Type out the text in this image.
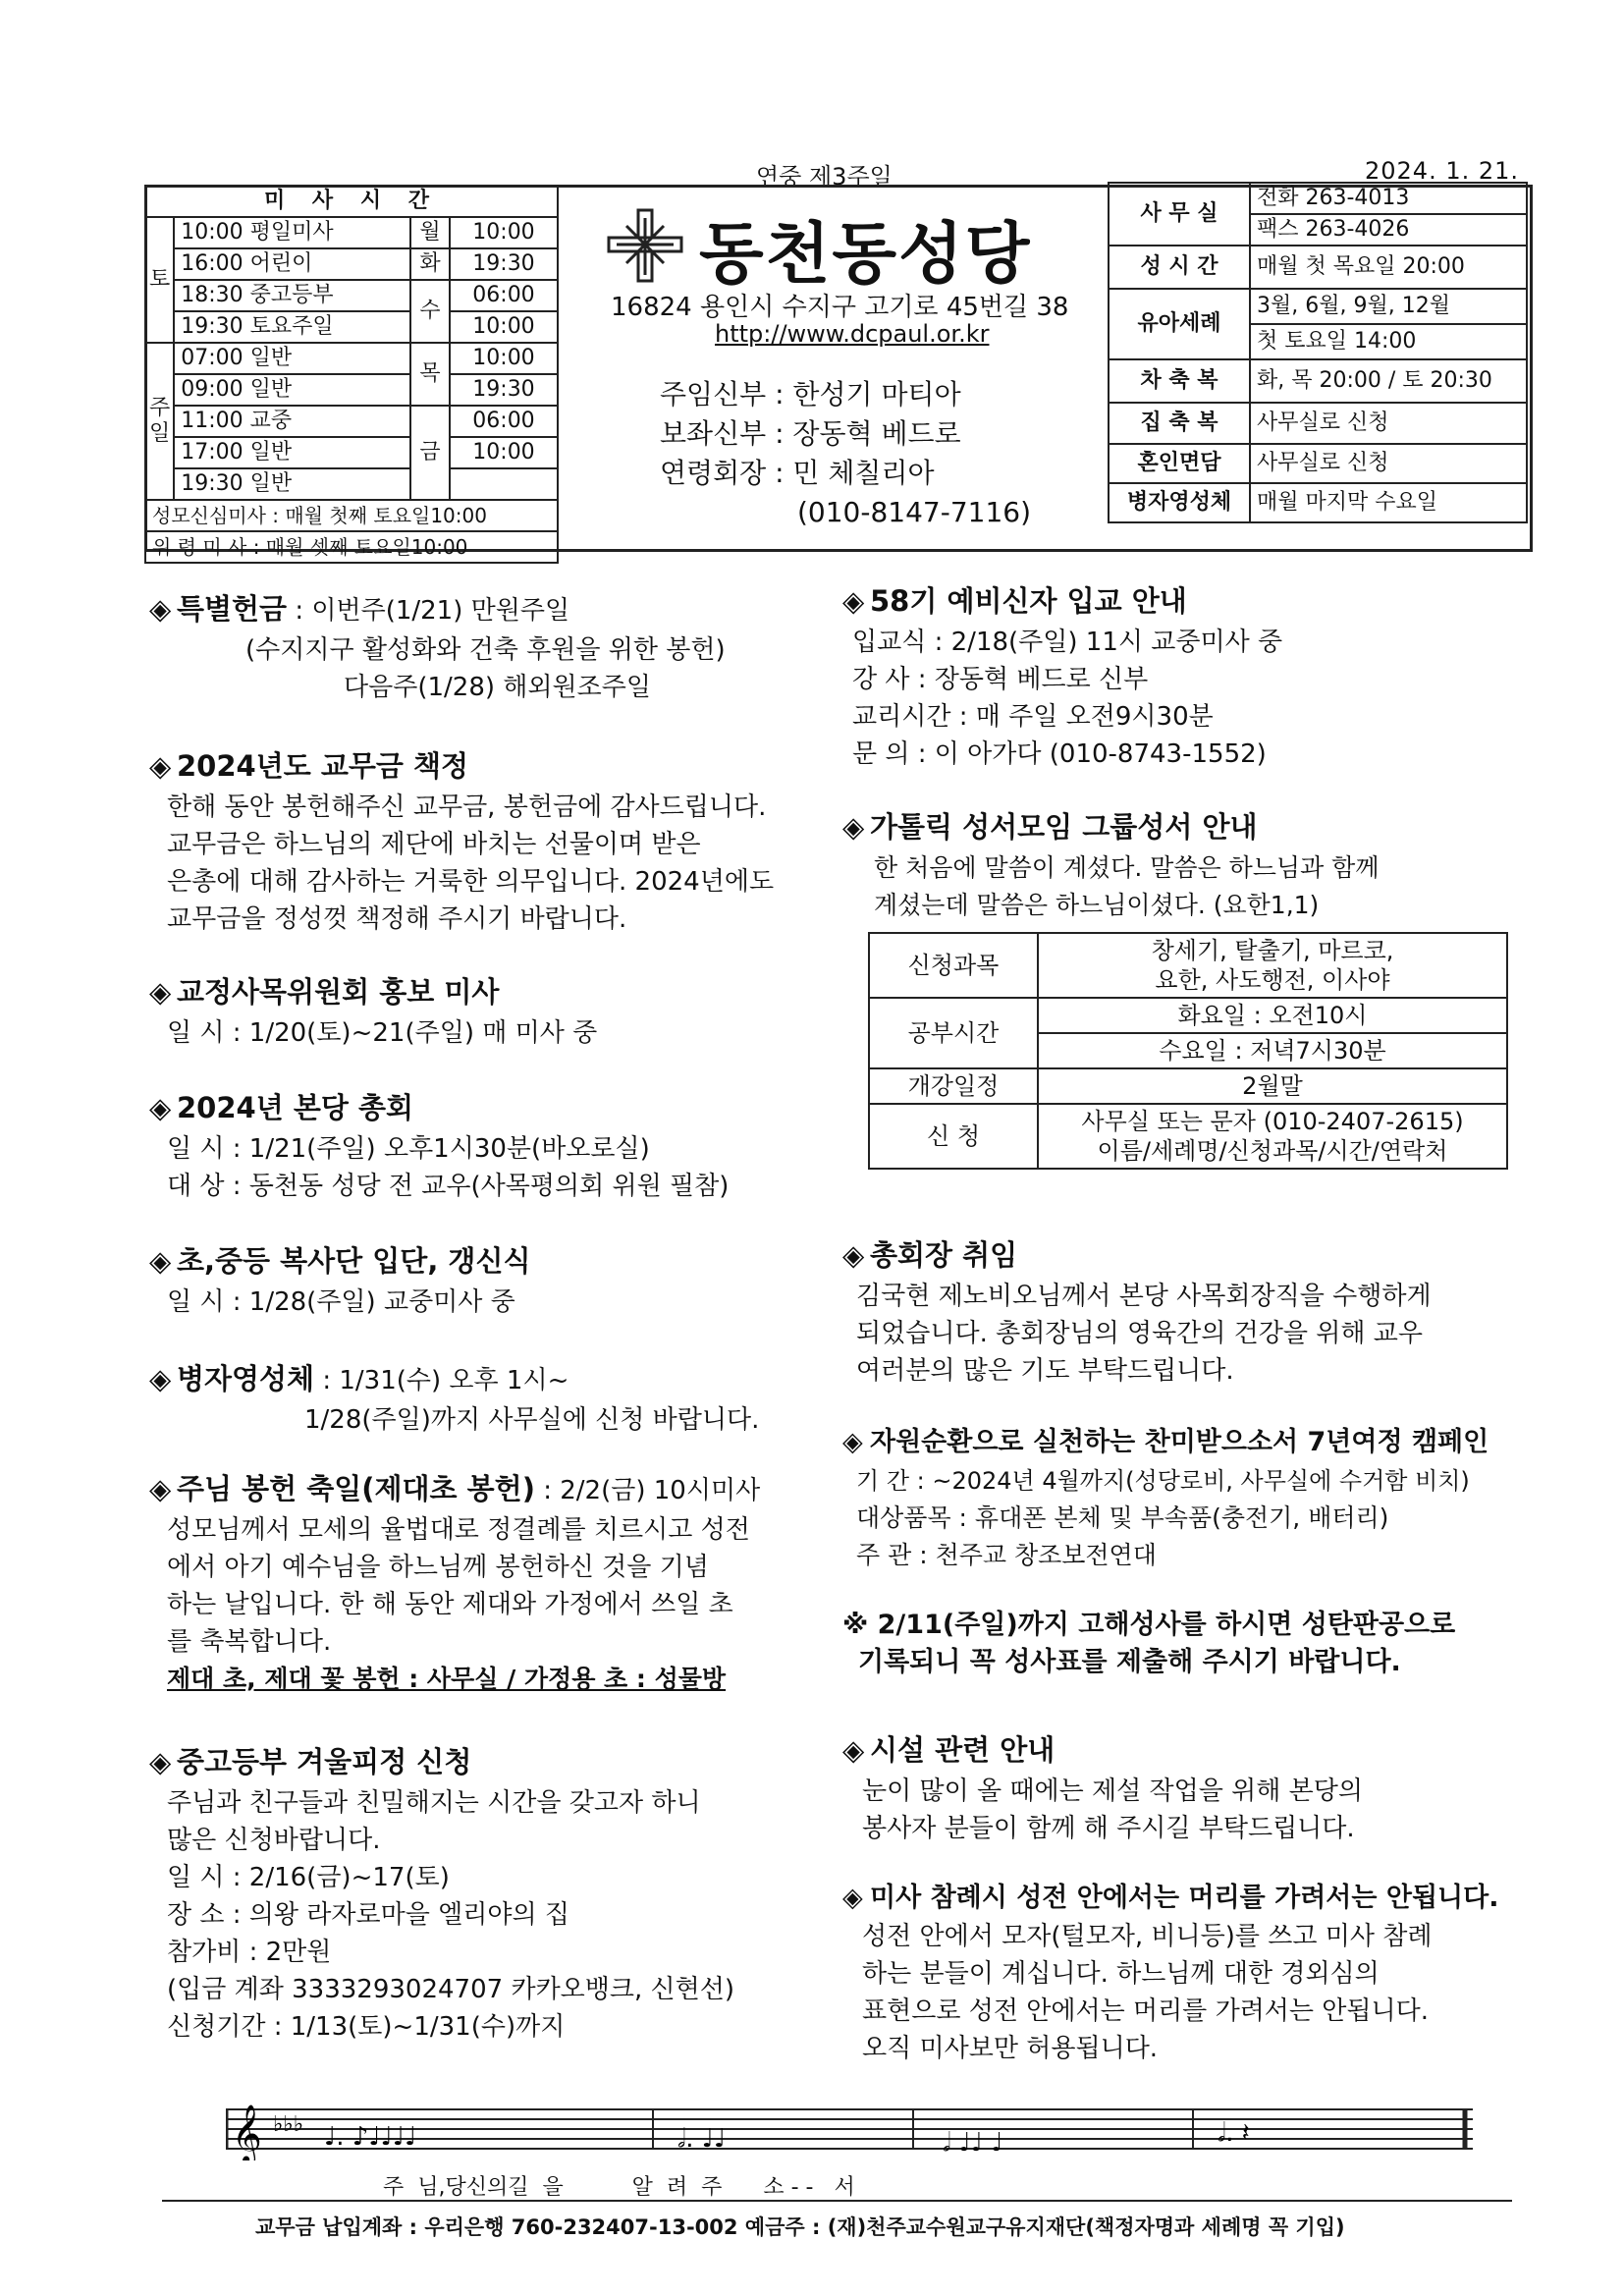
연중 제3주일	2024. 1. 21.
미 사 시 간			
토	10:00 평일미사	월	10:00
	16:00 어린이	화	19:30
	18:30 중고등부	수	06:00
	19:30 토요주일		10:00
주일	07:00 일반	목	10:00
	09:00 일반		19:30
	11:00 교중	금	06:00
	17:00 일반		10:00
	19:30 일반		
성모신심미사 : 매월 첫째 토요일10:00			
위 령 미 사 : 매월 셋째 토요일10:00			
동천동성당
16824 용인시 수지구 고기로 45번길 38
http://www.dcpaul.or.kr
주임신부 : 한성기 마티아
보좌신부 : 장동혁 베드로
연령회장 : 민 체칠리아
(010-8147-7116)
사 무 실	전화 263-4013
	팩스 263-4026
성 시 간	매월 첫 목요일 20:00
유아세례	3월, 6월, 9월, 12월
	첫 토요일 14:00
차 축 복	화, 목 20:00 / 토 20:30
집 축 복	사무실로 신청
혼인면담	사무실로 신청
병자영성체	매월 마지막 수요일
◈ 특별헌금 : 이번주(1/21) 만원주일
(수지지구 활성화와 건축 후원을 위한 봉헌)
다음주(1/28) 해외원조주일
◈ 2024년도 교무금 책정
한해 동안 봉헌해주신 교무금, 봉헌금에 감사드립니다.
교무금은 하느님의 제단에 바치는 선물이며 받은
은총에 대해 감사하는 거룩한 의무입니다. 2024년에도
교무금을 정성껏 책정해 주시기 바랍니다.
◈ 교정사목위원회 홍보 미사
일 시 : 1/20(토)~21(주일) 매 미사 중
◈ 2024년 본당 총회
일 시 : 1/21(주일) 오후1시30분(바오로실)
대 상 : 동천동 성당 전 교우(사목평의회 위원 필참)
◈ 초,중등 복사단 입단, 갱신식
일 시 : 1/28(주일) 교중미사 중
◈ 병자영성체 : 1/31(수) 오후 1시~
1/28(주일)까지 사무실에 신청 바랍니다.
◈ 주님 봉헌 축일(제대초 봉헌) : 2/2(금) 10시미사
성모님께서 모세의 율법대로 정결례를 치르시고 성전
에서 아기 예수님을 하느님께 봉헌하신 것을 기념
하는 날입니다. 한 해 동안 제대와 가정에서 쓰일 초
를 축복합니다.
제대 초, 제대 꽃 봉헌 : 사무실 / 가정용 초 : 성물방
◈ 중고등부 겨울피정 신청
주님과 친구들과 친밀해지는 시간을 갖고자 하니
많은 신청바랍니다.
일 시 : 2/16(금)~17(토)
장 소 : 의왕 라자로마을 엘리야의 집
참가비 : 2만원
(입금 계좌 3333293024707 카카오뱅크, 신현선)
신청기간 : 1/13(토)~1/31(수)까지
◈ 58기 예비신자 입교 안내
입교식 : 2/18(주일) 11시 교중미사 중
강 사 : 장동혁 베드로 신부
교리시간 : 매 주일 오전9시30분
문 의 : 이 아가다 (010-8743-1552)
◈ 가톨릭 성서모임 그룹성서 안내
한 처음에 말씀이 계셨다. 말씀은 하느님과 함께
계셨는데 말씀은 하느님이셨다. (요한1,1)
신청과목	창세기, 탈출기, 마르코,
요한, 사도행전, 이사야

공부시간	화요일 : 오전10시
	수요일 : 저녁7시30분
개강일정	2월말
신 청	사무실 또는 문자 (010-2407-2615)
이름/세례명/신청과목/시간/연락처
◈ 총회장 취임
김국현 제노비오님께서 본당 사목회장직을 수행하게
되었습니다. 총회장님의 영육간의 건강을 위해 교우
여러분의 많은 기도 부탁드립니다.
◈ 자원순환으로 실천하는 찬미받으소서 7년여정 캠페인
기 간 : ~2024년 4월까지(성당로비, 사무실에 수거함 비치)
대상품목 : 휴대폰 본체 및 부속품(충전기, 배터리)
주 관 : 천주교 창조보전연대
※ 2/11(주일)까지 고해성사를 하시면 성탄판공으로
기록되니 꼭 성사표를 제출해 주시기 바랍니다.
◈ 시설 관련 안내
눈이 많이 올 때에는 제설 작업을 위해 본당의
봉사자 분들이 함께 해 주시길 부탁드립니다.
◈ 미사 참례시 성전 안에서는 머리를 가려서는 안됩니다.
성전 안에서 모자(털모자, 비니등)를 쓰고 미사 참례
하는 분들이 계십니다. 하느님께 대한 경외심의
표현으로 성전 안에서는 머리를 가려서는 안됩니다.
오직 미사보만 허용됩니다.
𝄞 ♭♭♭ ♩. ♪♩♩♩♩	𝅗𝅥. ♩♩	𝅗𝅥 ♩♩ ♩	𝅗𝅥. 𝄽
주  님,당신의길  을          알  려  주      소 - -   서
교무금 납입계좌 : 우리은행 760-232407-13-002 예금주 : (재)천주교수원교구유지재단(책정자명과 세례명 꼭 기입)
